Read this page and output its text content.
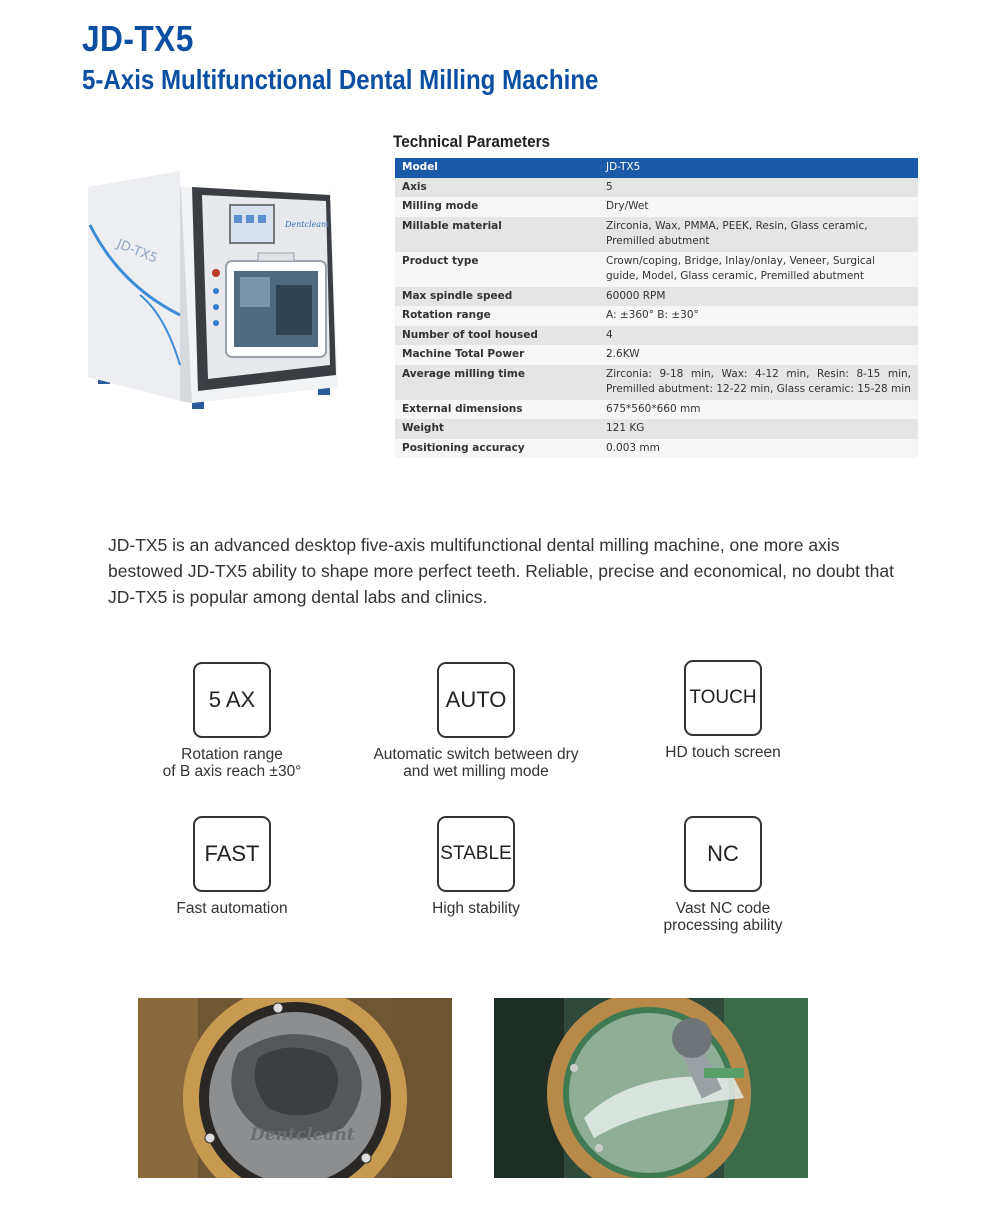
JD-TX5
5-Axis Multifunctional Dental Milling Machine
JD-TX5
Dentcleant
Technical Parameters
Model	JD-TX5
Axis	5
Milling mode	Dry/Wet
Millable material	Zirconia, Wax, PMMA, PEEK, Resin, Glass ceramic, Premilled abutment
Product type	Crown/coping, Bridge, Inlay/onlay, Veneer, Surgical guide, Model, Glass ceramic, Premilled abutment
Max spindle speed	60000 RPM
Rotation range	A: ±360° B: ±30°
Number of tool housed	4
Machine Total Power	2.6KW
Average milling time	Zirconia: 9-18 min, Wax: 4-12 min, Resin: 8-15 min, Premilled abutment: 12-22 min, Glass ceramic: 15-28 min
External dimensions	675*560*660 mm
Weight	121 KG
Positioning accuracy	0.003 mm

JD-TX5 is an advanced desktop five-axis multifunctional dental milling machine, one more axis bestowed JD-TX5 ability to shape more perfect teeth. Reliable, precise and economical, no doubt that JD-TX5 is popular among dental labs and clinics.

5 AX
Rotation range
of B axis reach ±30°
AUTO
Automatic switch between dry
and wet milling mode
TOUCH
HD touch screen
FAST
Fast automation
STABLE
High stability
NC
Vast NC code
processing ability
Dentcleant
